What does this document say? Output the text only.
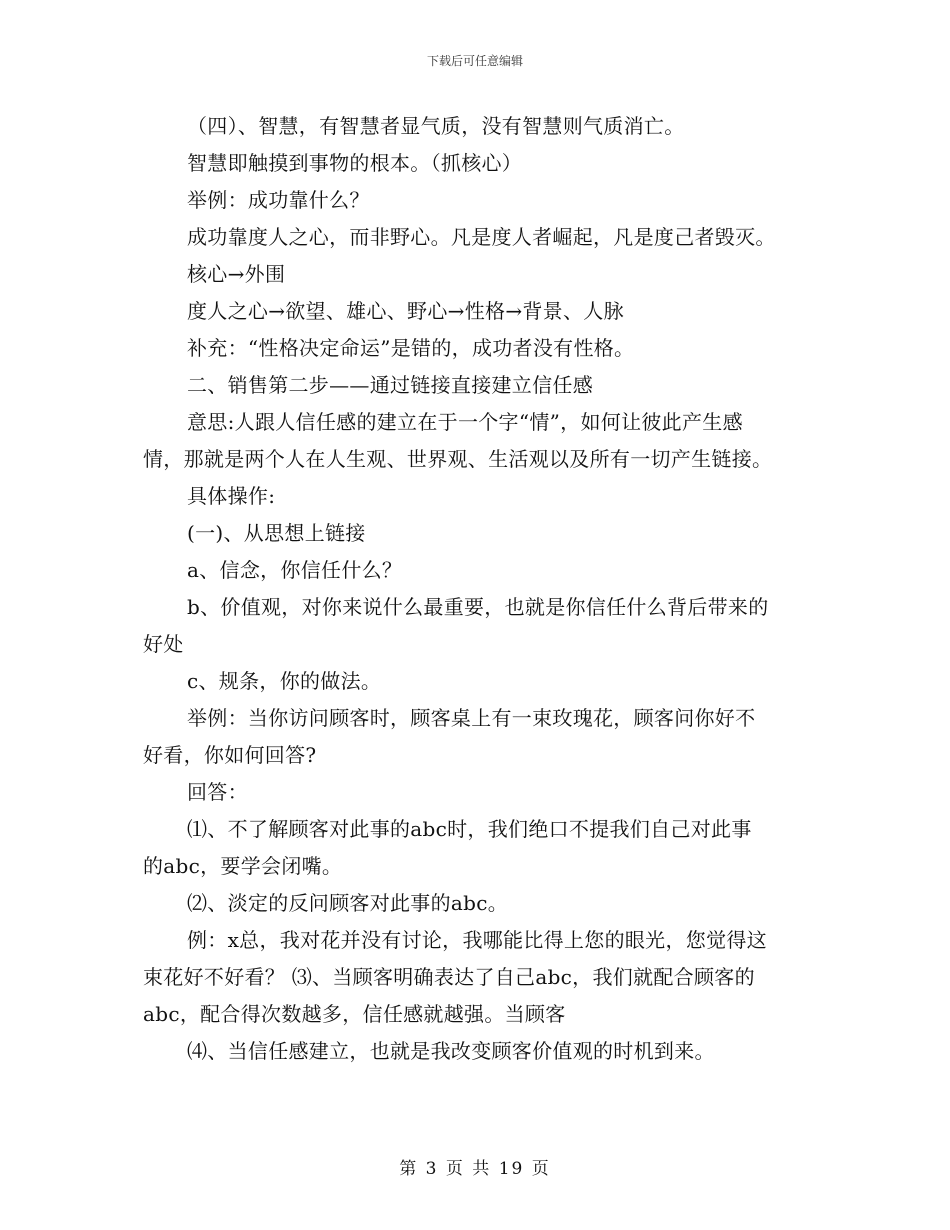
下载后可任意编辑

（四）、智慧，有智慧者显气质，没有智慧则气质消亡。

智慧即触摸到事物的根本。（抓核心）

举例：成功靠什么？

成功靠度人之心，而非野心。凡是度人者崛起，凡是度己者毁灭。

核心→外围

度人之心→欲望、雄心、野心→性格→背景、人脉

补充：“性格决定命运”是错的，成功者没有性格。

二、销售第二步——通过链接直接建立信任感

意思:人跟人信任感的建立在于一个字“情”，如何让彼此产生感

情，那就是两个人在人生观、世界观、生活观以及所有一切产生链接。

具体操作:

(一)、从思想上链接

a、信念，你信任什么？

b、价值观，对你来说什么最重要，也就是你信任什么背后带来的

好处

c、规条，你的做法。

举例：当你访问顾客时，顾客桌上有一束玫瑰花，顾客问你好不

好看，你如何回答?

回答：

⑴、不了解顾客对此事的abc时，我们绝口不提我们自己对此事

的abc，要学会闭嘴。

⑵、淡定的反问顾客对此事的abc。

例：x总，我对花并没有讨论，我哪能比得上您的眼光，您觉得这

束花好不好看？ ⑶、当顾客明确表达了自己abc，我们就配合顾客的

abc，配合得次数越多，信任感就越强。当顾客

⑷、当信任感建立，也就是我改变顾客价值观的时机到来。

第 3 页 共 19 页
